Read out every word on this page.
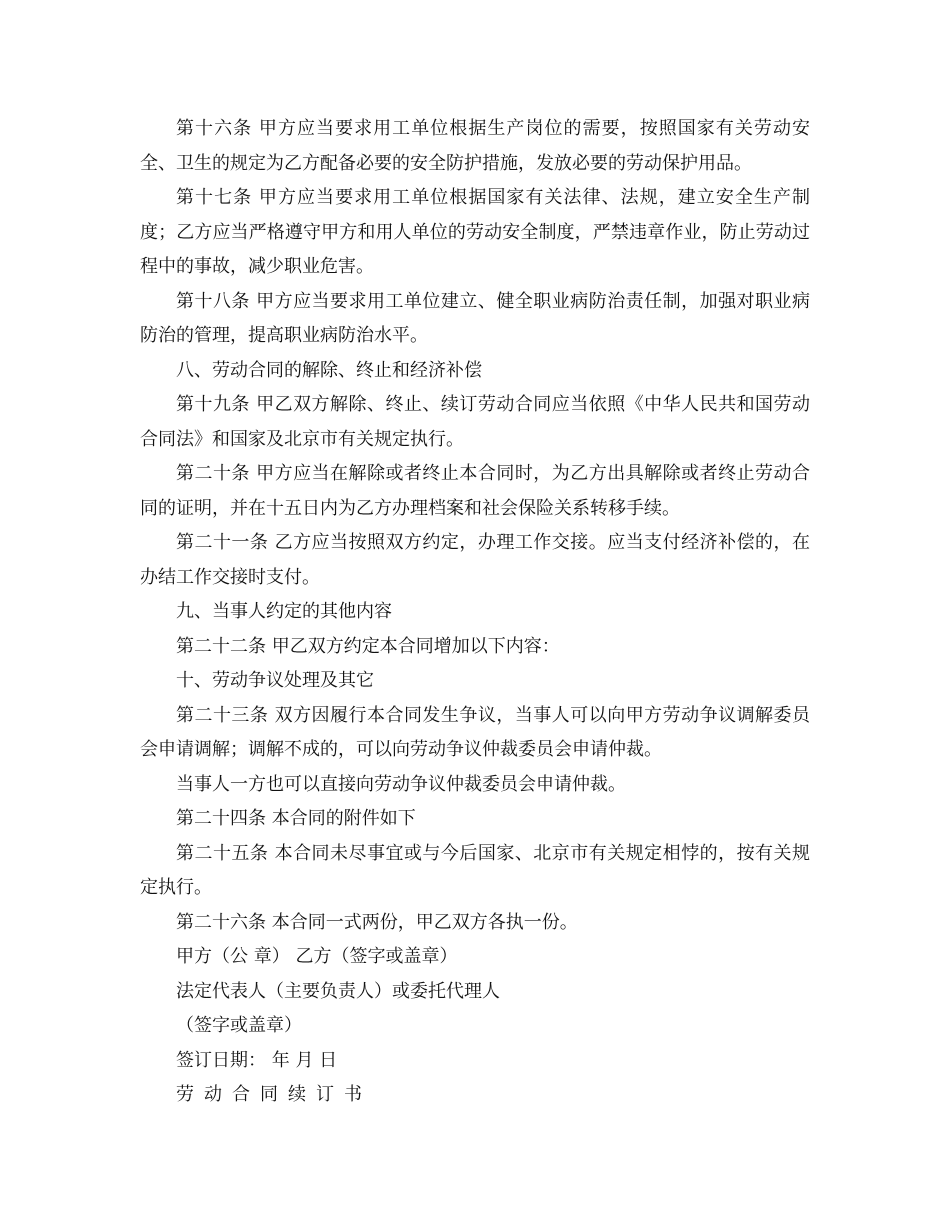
第十六条 甲方应当要求用工单位根据生产岗位的需要，按照国家有关劳动安全、卫生的规定为乙方配备必要的安全防护措施，发放必要的劳动保护用品。

第十七条 甲方应当要求用工单位根据国家有关法律、法规，建立安全生产制度；乙方应当严格遵守甲方和用人单位的劳动安全制度，严禁违章作业，防止劳动过程中的事故，减少职业危害。

第十八条 甲方应当要求用工单位建立、健全职业病防治责任制，加强对职业病防治的管理，提高职业病防治水平。

八、劳动合同的解除、终止和经济补偿

第十九条 甲乙双方解除、终止、续订劳动合同应当依照《中华人民共和国劳动合同法》和国家及北京市有关规定执行。

第二十条 甲方应当在解除或者终止本合同时，为乙方出具解除或者终止劳动合同的证明，并在十五日内为乙方办理档案和社会保险关系转移手续。

第二十一条 乙方应当按照双方约定，办理工作交接。应当支付经济补偿的，在办结工作交接时支付。

九、当事人约定的其他内容

第二十二条 甲乙双方约定本合同增加以下内容：

十、劳动争议处理及其它

第二十三条 双方因履行本合同发生争议，当事人可以向甲方劳动争议调解委员会申请调解；调解不成的，可以向劳动争议仲裁委员会申请仲裁。

当事人一方也可以直接向劳动争议仲裁委员会申请仲裁。

第二十四条 本合同的附件如下

第二十五条 本合同未尽事宜或与今后国家、北京市有关规定相悖的，按有关规定执行。

第二十六条 本合同一式两份，甲乙双方各执一份。

甲方（公 章） 乙方（签字或盖章）

法定代表人（主要负责人）或委托代理人

（签字或盖章）

签订日期： 年 月 日

劳动合同续订书
